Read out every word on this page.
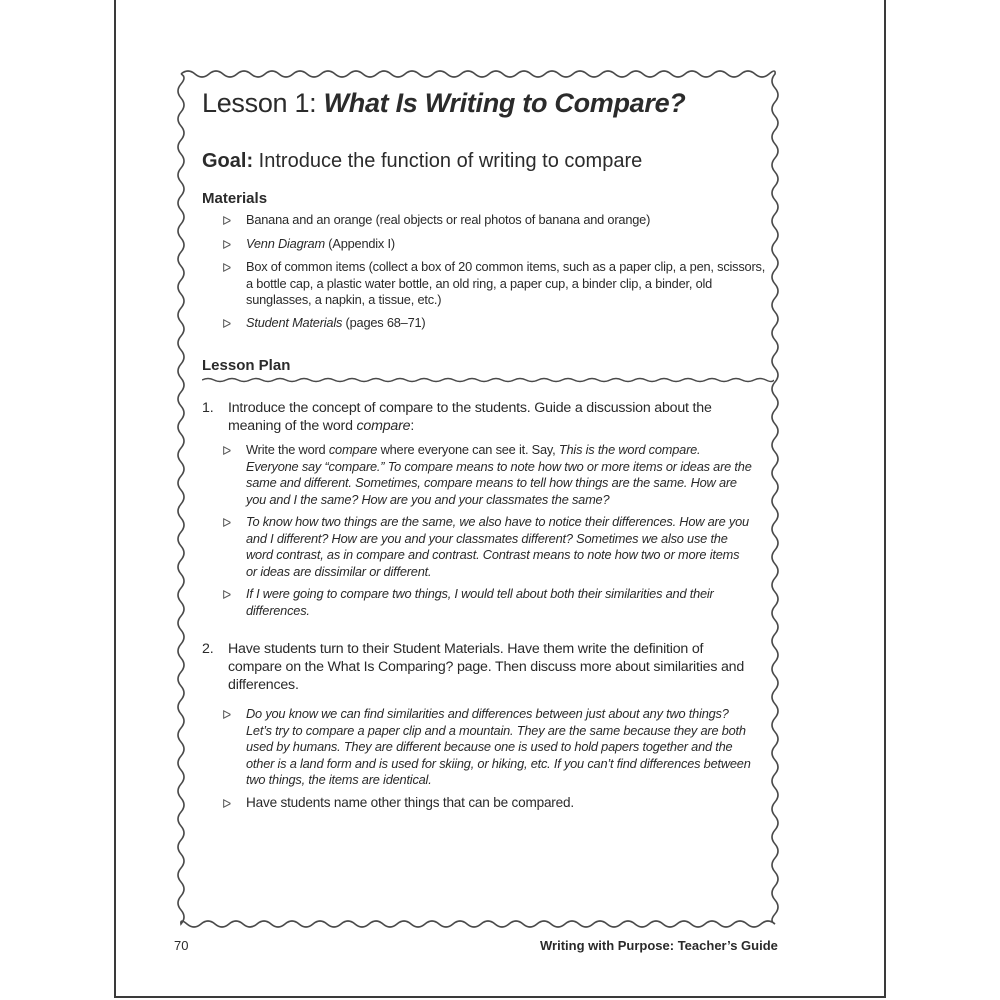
Lesson 1: What Is Writing to Compare?
Goal: Introduce the function of writing to compare
Materials
ᐅ	Banana and an orange (real objects or real photos of banana and orange)
ᐅ	Venn Diagram (Appendix I)
ᐅ	Box of common items (collect a box of 20 common items, such as a paper clip, a pen, scissors, a bottle cap, a plastic water bottle, an old ring, a paper cup, a binder clip, a binder, old sunglasses, a napkin, a tissue, etc.)
ᐅ	Student Materials (pages 68–71)
Lesson Plan
1. Introduce the concept of compare to the students. Guide a discussion about the meaning of the word compare:
ᐅ	Write the word compare where everyone can see it. Say, This is the word compare. Everyone say “compare.” To compare means to note how two or more items or ideas are the same and different. Sometimes, compare means to tell how things are the same. How are you and I the same? How are you and your classmates the same?
ᐅ	To know how two things are the same, we also have to notice their differences. How are you and I different? How are you and your classmates different? Sometimes we also use the word contrast, as in compare and contrast. Contrast means to note how two or more items or ideas are dissimilar or different.
ᐅ	If I were going to compare two things, I would tell about both their similarities and their differences.
2. Have students turn to their Student Materials. Have them write the definition of compare on the What Is Comparing? page. Then discuss more about similarities and differences.
ᐅ	Do you know we can find similarities and differences between just about any two things? Let’s try to compare a paper clip and a mountain. They are the same because they are both used by humans. They are different because one is used to hold papers together and the other is a land form and is used for skiing, or hiking, etc. If you can’t find differences between two things, the items are identical.
ᐅ	Have students name other things that can be compared.
70	Writing with Purpose: Teacher’s Guide
